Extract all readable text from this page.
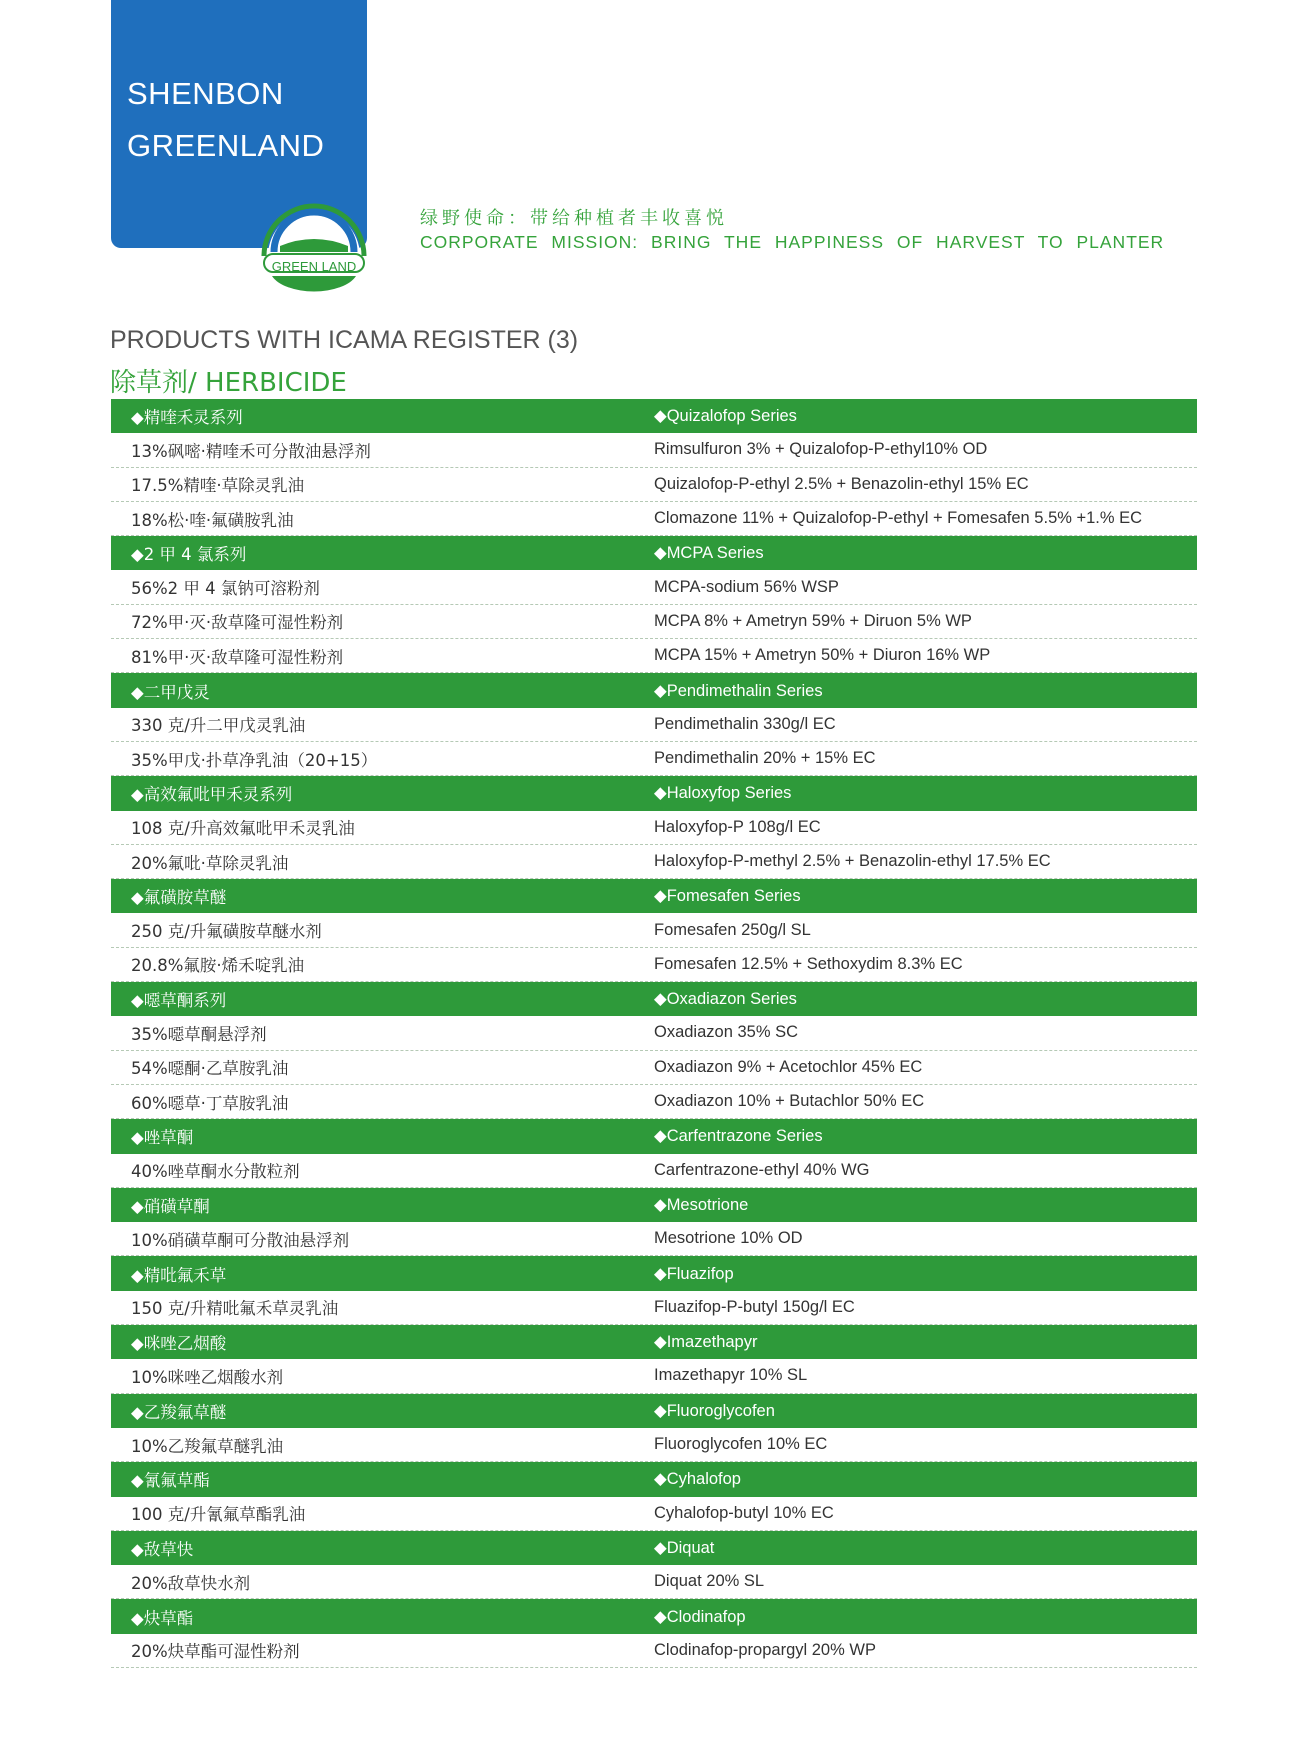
SHENBON
GREENLAND
GREEN LAND
绿野使命：带给种植者丰收喜悦
CORPORATE MISSION: BRING THE HAPPINESS OF HARVEST TO PLANTER
PRODUCTS WITH ICAMA REGISTER (3)
除草剂/ HERBICIDE
◆精喹禾灵系列	◆Quizalofop Series
13%砜嘧·精喹禾可分散油悬浮剂	Rimsulfuron 3% + Quizalofop-P-ethyl10% OD
17.5%精喹·草除灵乳油	Quizalofop-P-ethyl 2.5% + Benazolin-ethyl 15% EC
18%松·喹·氟磺胺乳油	Clomazone 11% + Quizalofop-P-ethyl + Fomesafen 5.5% +1.% EC
◆2 甲 4 氯系列	◆MCPA Series
56%2 甲 4 氯钠可溶粉剂	MCPA-sodium 56% WSP
72%甲·灭·敌草隆可湿性粉剂	MCPA 8% + Ametryn 59% + Diruon 5% WP
81%甲·灭·敌草隆可湿性粉剂	MCPA 15% + Ametryn 50% + Diuron 16% WP
◆二甲戊灵	◆Pendimethalin Series
330 克/升二甲戊灵乳油	Pendimethalin 330g/l EC
35%甲戊·扑草净乳油（20+15）	Pendimethalin 20% + 15% EC
◆高效氟吡甲禾灵系列	◆Haloxyfop Series
108 克/升高效氟吡甲禾灵乳油	Haloxyfop-P 108g/l EC
20%氟吡·草除灵乳油	Haloxyfop-P-methyl 2.5% + Benazolin-ethyl 17.5% EC
◆氟磺胺草醚	◆Fomesafen Series
250 克/升氟磺胺草醚水剂	Fomesafen 250g/l SL
20.8%氟胺·烯禾啶乳油	Fomesafen 12.5% + Sethoxydim 8.3% EC
◆噁草酮系列	◆Oxadiazon Series
35%噁草酮悬浮剂	Oxadiazon 35% SC
54%噁酮·乙草胺乳油	Oxadiazon 9% + Acetochlor 45% EC
60%噁草·丁草胺乳油	Oxadiazon 10% + Butachlor 50% EC
◆唑草酮	◆Carfentrazone Series
40%唑草酮水分散粒剂	Carfentrazone-ethyl 40% WG
◆硝磺草酮	◆Mesotrione
10%硝磺草酮可分散油悬浮剂	Mesotrione 10% OD
◆精吡氟禾草	◆Fluazifop
150 克/升精吡氟禾草灵乳油	Fluazifop-P-butyl 150g/l EC
◆咪唑乙烟酸	◆Imazethapyr
10%咪唑乙烟酸水剂	Imazethapyr 10% SL
◆乙羧氟草醚	◆Fluoroglycofen
10%乙羧氟草醚乳油	Fluoroglycofen 10% EC
◆氰氟草酯	◆Cyhalofop
100 克/升氰氟草酯乳油	Cyhalofop-butyl 10% EC
◆敌草快	◆Diquat
20%敌草快水剂	Diquat 20% SL
◆炔草酯	◆Clodinafop
20%炔草酯可湿性粉剂	Clodinafop-propargyl 20% WP
